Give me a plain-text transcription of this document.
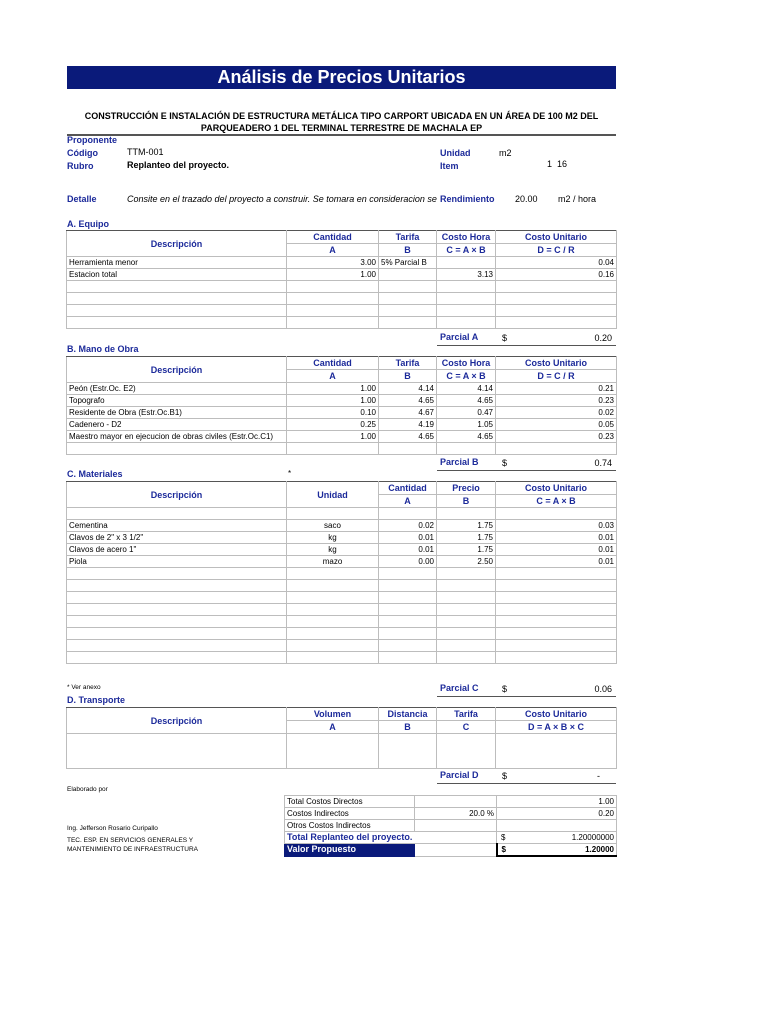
Análisis de Precios Unitarios
CONSTRUCCIÓN E INSTALACIÓN DE ESTRUCTURA METÁLICA TIPO CARPORT UBICADA EN UN ÁREA DE 100 M2 DEL PARQUEADERO 1 DEL TERMINAL TERRESTRE DE MACHALA EP
Proponente
Código	TTM-001
Rubro	Replanteo del proyecto.
Unidad	m2
Item	1  16
Detalle	Consite en el trazado del proyecto a construir. Se tomara en consideracion se Rendimiento 20.00 m2 / hora
A. Equipo
Descripción	Cantidad	Tarifa	Costo Hora	Costo Unitario
	A	B	C = A × B	D = C / R
Herramienta menor	3.00	5% Parcial B		0.04
Estacion total	1.00		3.13	0.16

Parcial A	$	0.20
B. Mano de Obra
Descripción	Cantidad	Tarifa	Costo Hora	Costo Unitario
	A	B	C = A × B	D = C / R
Peón (Estr.Oc. E2)	1.00	4.14	4.14	0.21
Topografo	1.00	4.65	4.65	0.23
Residente de Obra (Estr.Oc.B1)	0.10	4.67	0.47	0.02
Cadenero - D2	0.25	4.19	1.05	0.05
Maestro mayor en ejecucion de obras civiles (Estr.Oc.C1)	1.00	4.65	4.65	0.23

Parcial B	$	0.74
C. Materiales	*
Descripción	Unidad	Cantidad	Precio	Costo Unitario
		A	B	C = A × B

Cementina	saco	0.02	1.75	0.03
Clavos de 2" x 3 1/2"	kg	0.01	1.75	0.01
Clavos de acero 1"	kg	0.01	1.75	0.01
Piola	mazo	0.00	2.50	0.01

* Ver anexo	Parcial C	$	0.06
D. Transporte
Descripción	Volumen	Distancia	Tarifa	Costo Unitario
	A	B	C	D = A × B × C

Parcial D	$	-
Elaborado por
Ing. Jefferson Rosario Curipallo
TEC. ESP. EN SERVICIOS GENERALES Y
MANTENIMIENTO DE INFRAESTRUCTURA
Total Costos Directos		1.00
Costos Indirectos	20.0 %	0.20
Otros Costos Indirectos		
Total Replanteo del proyecto.		$ 1.20000000

Valor Propuesto		$ 1.20000
